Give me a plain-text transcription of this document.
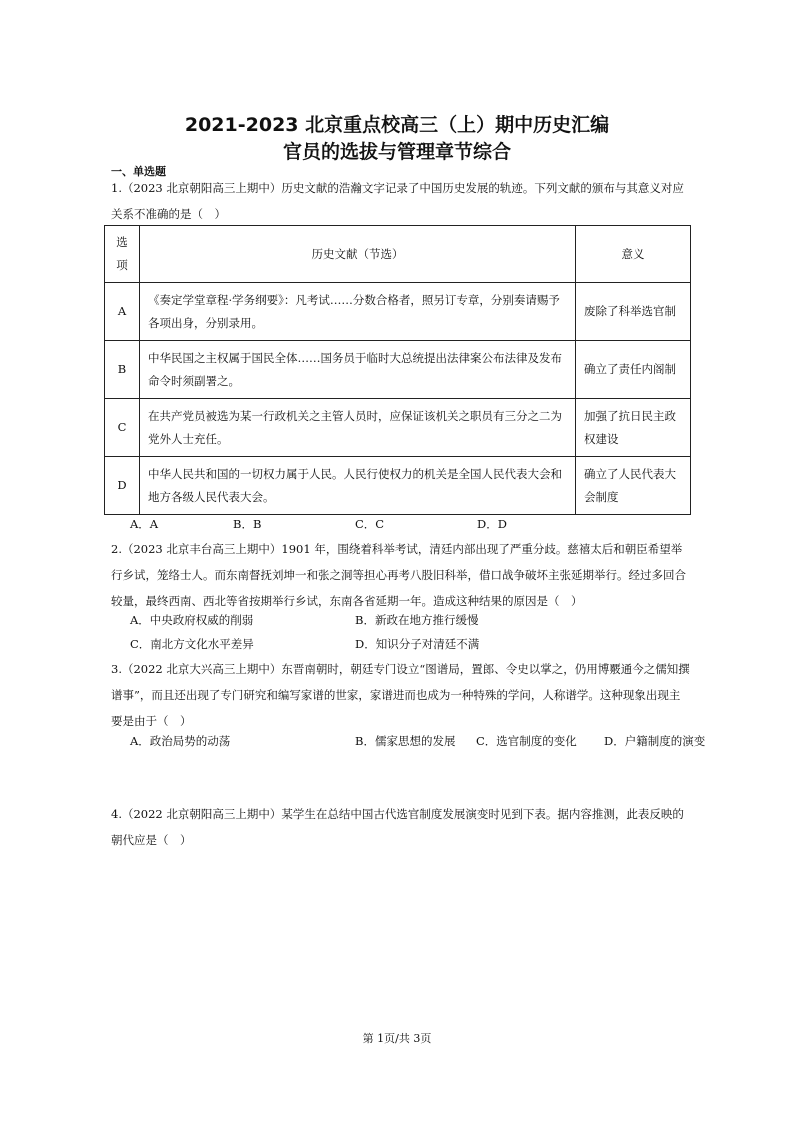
2021-2023 北京重点校高三（上）期中历史汇编
官员的选拔与管理章节综合
一、单选题
1.（2023 北京朝阳高三上期中）历史文献的浩瀚文字记录了中国历史发展的轨迹。下列文献的颁布与其意义对应关系不准确的是（　）
选项	历史文献（节选）	意义
A	《奏定学堂章程·学务纲要》：凡考试……分数合格者，照另订专章，分别奏请赐予各项出身，分别录用。	废除了科举选官制
B	中华民国之主权属于国民全体……国务员于临时大总统提出法律案公布法律及发布命令时须副署之。	确立了责任内阁制
C	在共产党员被选为某一行政机关之主管人员时，应保证该机关之职员有三分之二为党外人士充任。	加强了抗日民主政权建设
D	中华人民共和国的一切权力属于人民。人民行使权力的机关是全国人民代表大会和地方各级人民代表大会。	确立了人民代表大会制度
A．A	B．B	C．C	D．D
2.（2023 北京丰台高三上期中）1901 年，围绕着科举考试，清廷内部出现了严重分歧。慈禧太后和朝臣希望举行乡试，笼络士人。而东南督抚刘坤一和张之洞等担心再考八股旧科举，借口战争破坏主张延期举行。经过多回合较量，最终西南、西北等省按期举行乡试，东南各省延期一年。造成这种结果的原因是（　）
A．中央政府权威的削弱	B．新政在地方推行缓慢
C．南北方文化水平差异	D．知识分子对清廷不满
3.（2022 北京大兴高三上期中）东晋南朝时，朝廷专门设立“图谱局，置郎、令史以掌之，仍用博覈通今之儒知撰谱事”，而且还出现了专门研究和编写家谱的世家，家谱进而也成为一种特殊的学问，人称谱学。这种现象出现主要是由于（　）
A．政治局势的动荡	B．儒家思想的发展 C．选官制度的变化 D．户籍制度的演变
4.（2022 北京朝阳高三上期中）某学生在总结中国古代选官制度发展演变时见到下表。据内容推测，此表反映的朝代应是（　）
第 1页/共 3页
